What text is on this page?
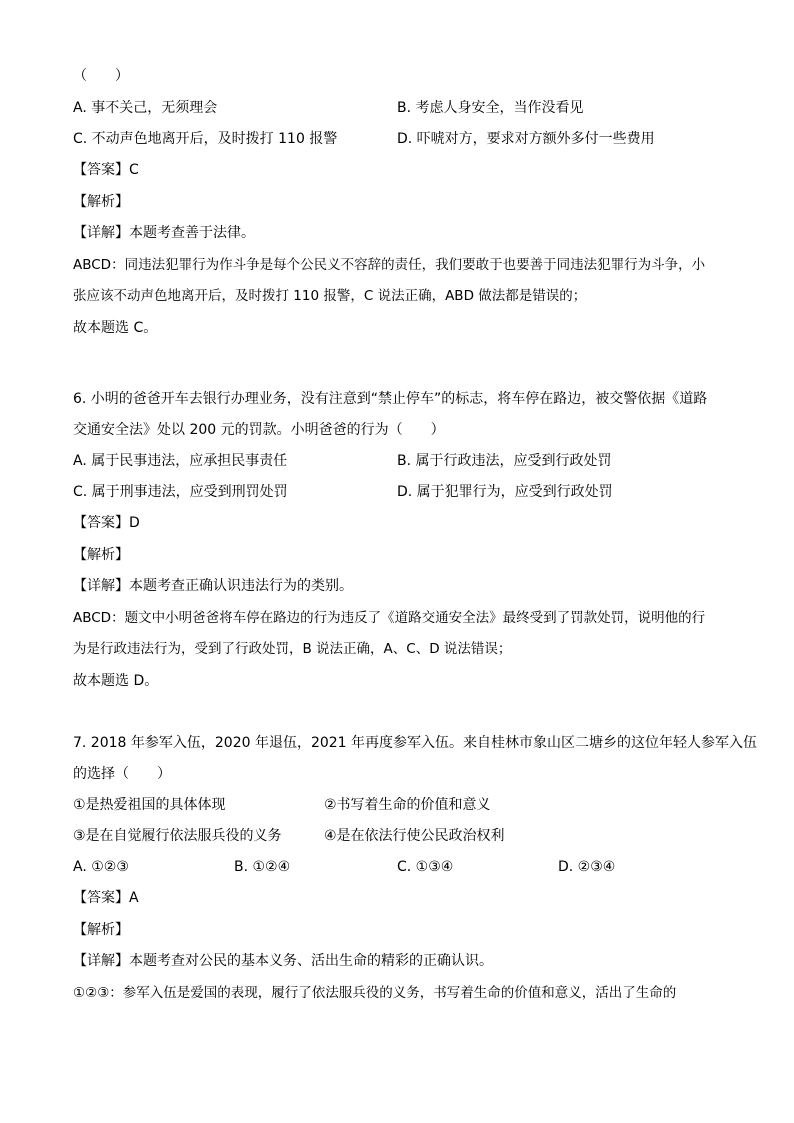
（　　）
A. 事不关己，无须理会	B. 考虑人身安全，当作没看见
C. 不动声色地离开后，及时拨打 110 报警	D. 吓唬对方，要求对方额外多付一些费用
【答案】C
【解析】
【详解】本题考查善于法律。
ABCD：同违法犯罪行为作斗争是每个公民义不容辞的责任，我们要敢于也要善于同违法犯罪行为斗争，小
张应该不动声色地离开后，及时拨打 110 报警，C 说法正确，ABD 做法都是错误的；
故本题选 C。
6. 小明的爸爸开车去银行办理业务，没有注意到“禁止停车”的标志，将车停在路边，被交警依据《道路
交通安全法》处以 200 元的罚款。小明爸爸的行为（　　）
A. 属于民事违法，应承担民事责任	B. 属于行政违法，应受到行政处罚
C. 属于刑事违法，应受到刑罚处罚	D. 属于犯罪行为，应受到行政处罚
【答案】D
【解析】
【详解】本题考查正确认识违法行为的类别。
ABCD：题文中小明爸爸将车停在路边的行为违反了《道路交通安全法》最终受到了罚款处罚，说明他的行
为是行政违法行为，受到了行政处罚，B 说法正确，A、C、D 说法错误；
故本题选 D。
7. 2018 年参军入伍，2020 年退伍，2021 年再度参军入伍。来自桂林市象山区二塘乡的这位年轻人参军入伍
的选择（　　）
①是热爱祖国的具体体现	②书写着生命的价值和意义
③是在自觉履行依法服兵役的义务	④是在依法行使公民政治权利
A. ①②③	B. ①②④	C. ①③④	D. ②③④
【答案】A
【解析】
【详解】本题考查对公民的基本义务、活出生命的精彩的正确认识。
①②③：参军入伍是爱国的表现，履行了依法服兵役的义务，书写着生命的价值和意义，活出了生命的
